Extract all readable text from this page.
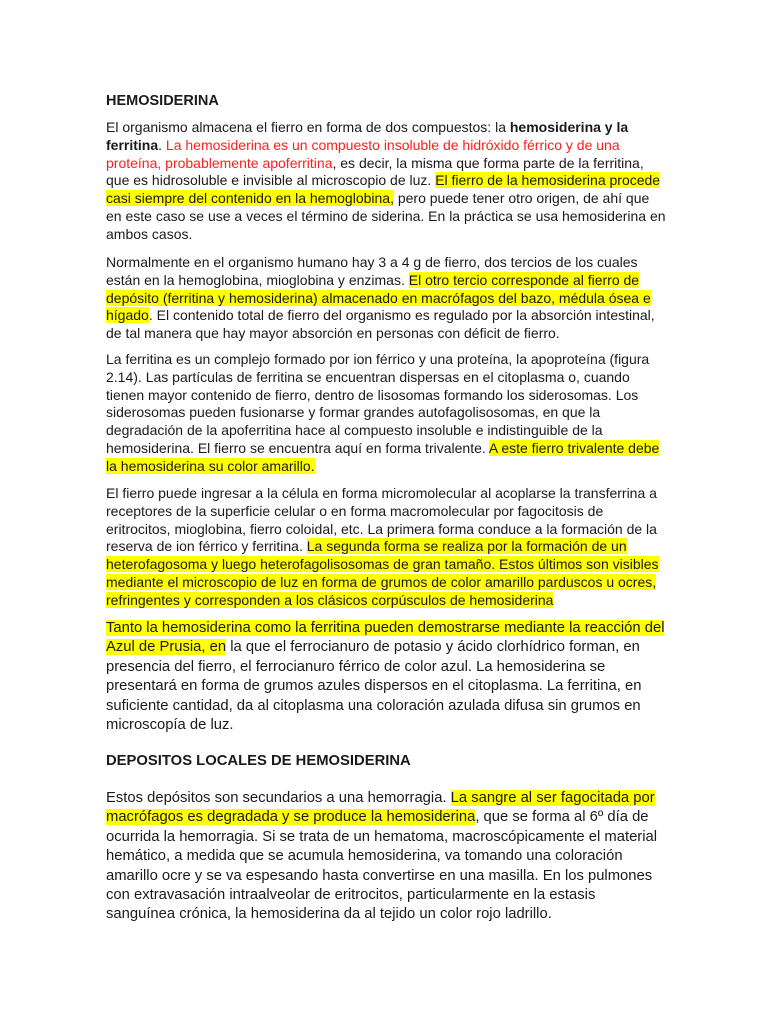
HEMOSIDERINA

El organismo almacena el fierro en forma de dos compuestos: la hemosiderina y la ferritina. La hemosiderina es un compuesto insoluble de hidróxido férrico y de una proteína, probablemente apoferritina, es decir, la misma que forma parte de la ferritina, que es hidrosoluble e invisible al microscopio de luz. El fierro de la hemosiderina procede casi siempre del contenido en la hemoglobina, pero puede tener otro origen, de ahí que en este caso se use a veces el término de siderina. En la práctica se usa hemosiderina en ambos casos.

Normalmente en el organismo humano hay 3 a 4 g de fierro, dos tercios de los cuales están en la hemoglobina, mioglobina y enzimas. El otro tercio corresponde al fierro de depósito (ferritina y hemosiderina) almacenado en macrófagos del bazo, médula ósea e hígado. El contenido total de fierro del organismo es regulado por la absorción intestinal, de tal manera que hay mayor absorción en personas con déficit de fierro.

La ferritina es un complejo formado por ion férrico y una proteína, la apoproteína (figura 2.14). Las partículas de ferritina se encuentran dispersas en el citoplasma o, cuando tienen mayor contenido de fierro, dentro de lisosomas formando los siderosomas. Los siderosomas pueden fusionarse y formar grandes autofagolisosomas, en que la degradación de la apoferritina hace al compuesto insoluble e indistinguible de la hemosiderina. El fierro se encuentra aquí en forma trivalente. A este fierro trivalente debe la hemosiderina su color amarillo.

El fierro puede ingresar a la célula en forma micromolecular al acoplarse la transferrina a receptores de la superficie celular o en forma macromolecular por fagocitosis de eritrocitos, mioglobina, fierro coloidal, etc. La primera forma conduce a la formación de la reserva de ion férrico y ferritina. La segunda forma se realiza por la formación de un heterofagosoma y luego heterofagolisosomas de gran tamaño. Estos últimos son visibles mediante el microscopio de luz en forma de grumos de color amarillo parduscos u ocres, refringentes y corresponden a los clásicos corpúsculos de hemosiderina

Tanto la hemosiderina como la ferritina pueden demostrarse mediante la reacción del Azul de Prusia, en la que el ferrocianuro de potasio y ácido clorhídrico forman, en presencia del fierro, el ferrocianuro férrico de color azul. La hemosiderina se presentará en forma de grumos azules dispersos en el citoplasma. La ferritina, en suficiente cantidad, da al citoplasma una coloración azulada difusa sin grumos en microscopía de luz.

DEPOSITOS LOCALES DE HEMOSIDERINA

Estos depósitos son secundarios a una hemorragia. La sangre al ser fagocitada por macrófagos es degradada y se produce la hemosiderina, que se forma al 6º día de ocurrida la hemorragia. Si se trata de un hematoma, macroscópicamente el material hemático, a medida que se acumula hemosiderina, va tomando una coloración amarillo ocre y se va espesando hasta convertirse en una masilla. En los pulmones con extravasación intraalveolar de eritrocitos, particularmente en la estasis sanguínea crónica, la hemosiderina da al tejido un color rojo ladrillo.
